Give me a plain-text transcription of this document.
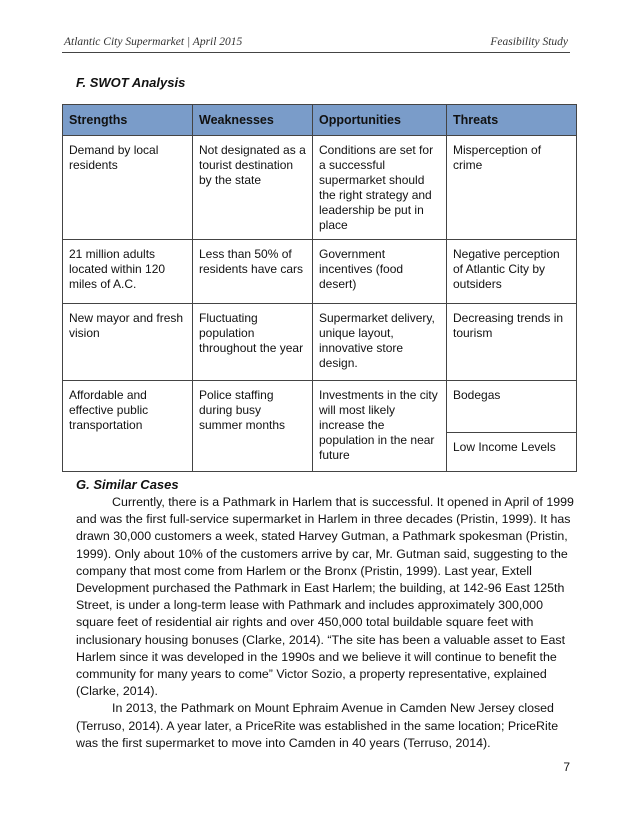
Atlantic City Supermarket | April 2015	Feasibility Study
F. SWOT Analysis
Strengths	Weaknesses	Opportunities	Threats
Demand by local residents	Not designated as a tourist destination by the state	Conditions are set for a successful supermarket should the right strategy and leadership be put in place	Misperception of crime
21 million adults located within 120 miles of A.C.	Less than 50% of residents have cars	Government incentives (food desert)	Negative perception of Atlantic City by outsiders
New mayor and fresh vision	Fluctuating population throughout the year	Supermarket delivery, unique layout, innovative store design.	Decreasing trends in tourism
Affordable and effective public transportation	Police staffing during busy summer months	Investments in the city will most likely increase the population in the near future	Bodegas
			Low Income Levels
G. Similar Cases

Currently, there is a Pathmark in Harlem that is successful. It opened in April of 1999 and was the first full-service supermarket in Harlem in three decades (Pristin, 1999). It has drawn 30,000 customers a week, stated Harvey Gutman, a Pathmark spokesman (Pristin, 1999). Only about 10% of the customers arrive by car, Mr. Gutman said, suggesting to the company that most come from Harlem or the Bronx (Pristin, 1999). Last year, Extell Development purchased the Pathmark in East Harlem; the building, at 142-96 East 125th Street, is under a long-term lease with Pathmark and includes approximately 300,000 square feet of residential air rights and over 450,000 total buildable square feet with inclusionary housing bonuses (Clarke, 2014). “The site has been a valuable asset to East Harlem since it was developed in the 1990s and we believe it will continue to benefit the community for many years to come” Victor Sozio, a property representative, explained (Clarke, 2014).

In 2013, the Pathmark on Mount Ephraim Avenue in Camden New Jersey closed (Terruso, 2014). A year later, a PriceRite was established in the same location; PriceRite was the first supermarket to move into Camden in 40 years (Terruso, 2014).

7
